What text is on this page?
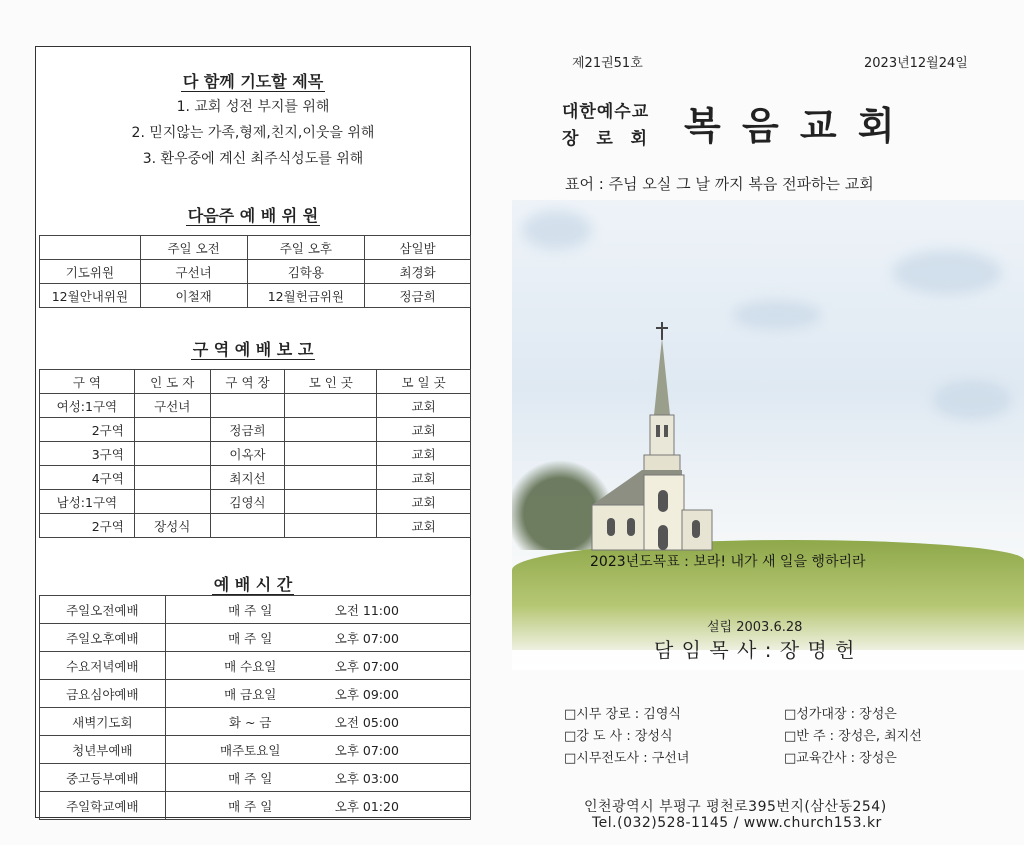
다 함께 기도할 제목
1. 교회 성전 부지를 위해
2. 믿지않는 가족,형제,친지,이웃을 위해
3. 환우중에 계신 최주식성도를 위해
다음주 예 배 위 원
	주일 오전	주일 오후	삼일밤
기도위원	구선녀	김학용	최경화
12월안내위원	이철재	12월헌금위원	정금희
구 역 예 배 보 고
구 역	인 도 자	구 역 장	모 인 곳	모 일 곳
여성:1구역	구선녀			교회
2구역		정금희		교회
3구역		이옥자		교회
4구역		최지선		교회
남성:1구역		김영식		교회
2구역	장성식			교회
예 배 시 간
주일오전예배	매 주 일	오전 11:00
주일오후예배	매 주 일	오후 07:00
수요저녁예배	매 수요일	오후 07:00
금요심야예배	매 금요일	오후 09:00
새벽기도회	화 ~ 금	오전 05:00
청년부예배	매주토요일	오후 07:00
중고등부예배	매 주 일	오후 03:00
주일학교예배	매 주 일	오후 01:20
제21권51호	2023년12월24일
대한예수교
장 로 회 복 음 교 회
표어 : 주님 오실 그 날 까지 복음 전파하는 교회
2023년도목표 : 보라! 내가 새 일을 행하리라
설립 2003.6.28
담 임 목 사 : 장 명 헌
□시무 장로 : 김영식
□강 도 사 : 장성식
□시무전도사 : 구선녀
□성가대장 : 장성은
□반 주 : 장성은, 최지선
□교육간사 : 장성은
인천광역시 부평구 평천로395번지(삼산동254)
Tel.(032)528-1145 / www.church153.kr
